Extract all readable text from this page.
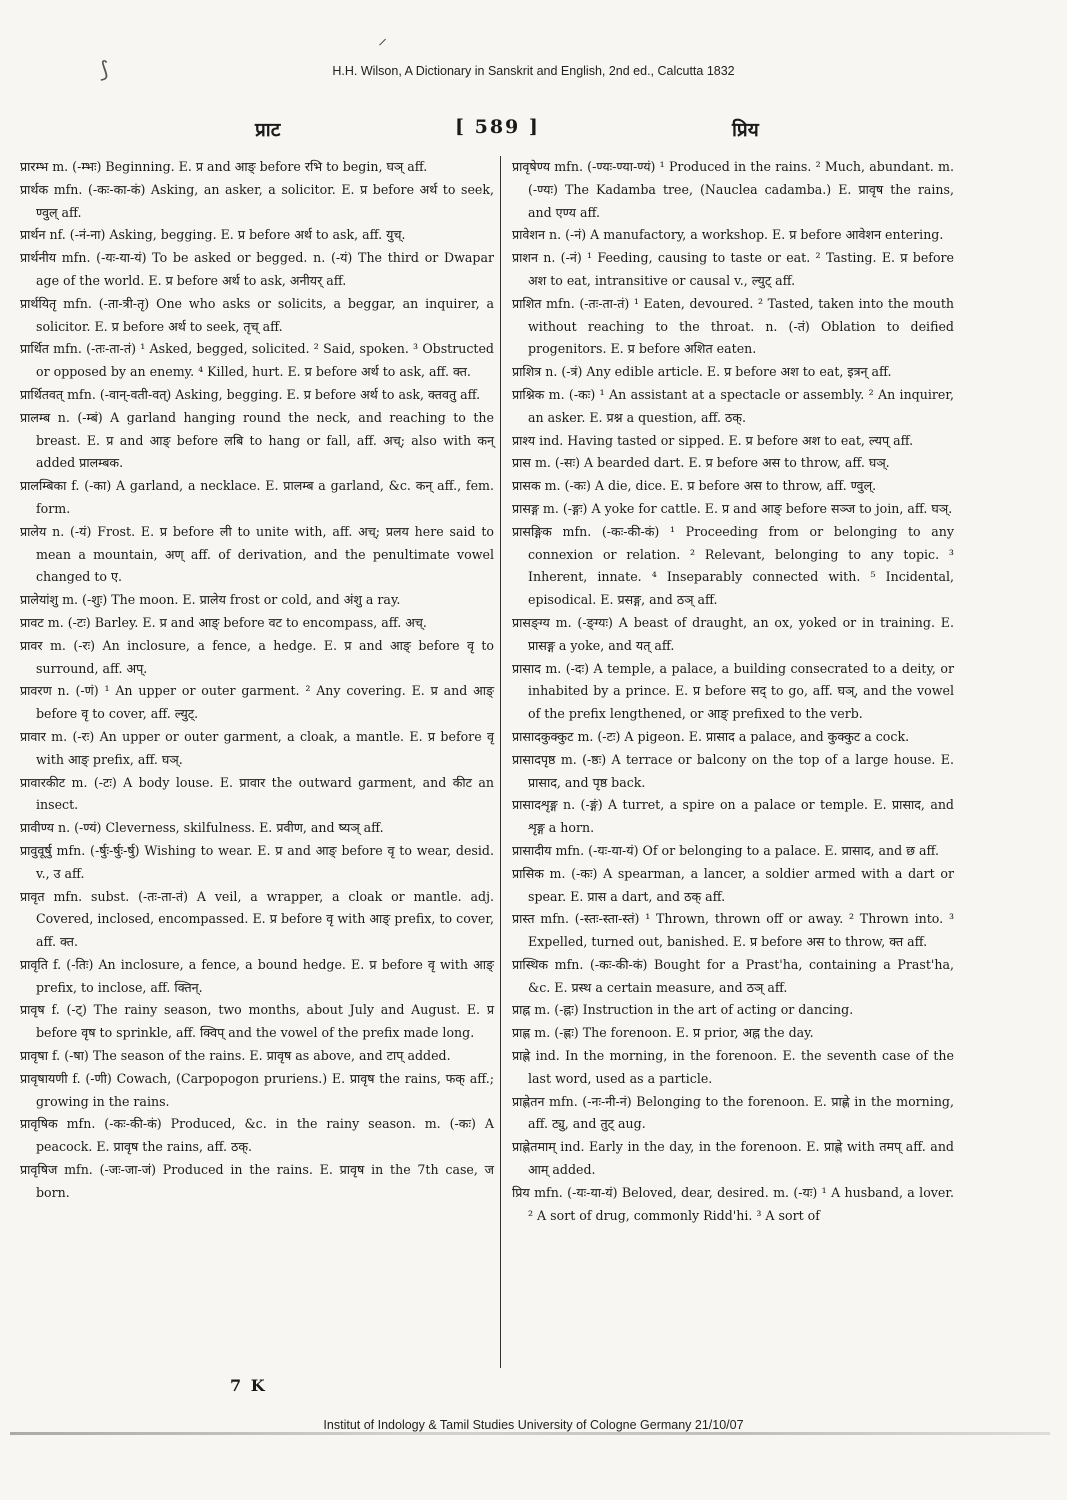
⟆
⸝
H.H. Wilson, A Dictionary in Sanskrit and English, 2nd ed., Calcutta 1832
प्राट	[ 589 ]	प्रिय

प्रारम्भ m. (-म्भः) Beginning. E. प्र and आङ् before रभि to begin, घञ् aff.

प्रार्थक mfn. (-कः-का-कं) Asking, an asker, a solicitor. E. प्र before अर्थ to seek, ण्वुल् aff.

प्रार्थन nf. (-नं-ना) Asking, begging. E. प्र before अर्थ to ask, aff. युच्.

प्रार्थनीय mfn. (-यः-या-यं) To be asked or begged. n. (-यं) The third or Dwapar age of the world. E. प्र before अर्थ to ask, अनीयर् aff.

प्रार्थयितृ mfn. (-ता-त्री-तृ) One who asks or solicits, a beggar, an inquirer, a solicitor. E. प्र before अर्थ to seek, तृच् aff.

प्रार्थित mfn. (-तः-ता-तं) ¹ Asked, begged, solicited. ² Said, spoken. ³ Obstructed or opposed by an enemy. ⁴ Killed, hurt. E. प्र before अर्थ to ask, aff. क्त.

प्रार्थितवत् mfn. (-वान्-वती-वत्) Asking, begging. E. प्र before अर्थ to ask, क्तवतु aff.

प्रालम्ब n. (-म्बं) A garland hanging round the neck, and reaching to the breast. E. प्र and आङ् before लबि to hang or fall, aff. अच्; also with कन् added प्रालम्बक.

प्रालम्बिका f. (-का) A garland, a necklace. E. प्रालम्ब a garland, &c. कन् aff., fem. form.

प्रालेय n. (-यं) Frost. E. प्र before ली to unite with, aff. अच्; प्रलय here said to mean a mountain, अण् aff. of derivation, and the penultimate vowel changed to ए.

प्रालेयांशु m. (-शुः) The moon. E. प्रालेय frost or cold, and अंशु a ray.

प्रावट m. (-टः) Barley. E. प्र and आङ् before वट to encompass, aff. अच्.

प्रावर m. (-रः) An inclosure, a fence, a hedge. E. प्र and आङ् before वृ to surround, aff. अप्.

प्रावरण n. (-णं) ¹ An upper or outer garment. ² Any covering. E. प्र and आङ् before वृ to cover, aff. ल्युट्.

प्रावार m. (-रः) An upper or outer garment, a cloak, a mantle. E. प्र before वृ with आङ् prefix, aff. घञ्.

प्रावारकीट m. (-टः) A body louse. E. प्रावार the outward garment, and कीट an insect.

प्रावीण्य n. (-ण्यं) Cleverness, skilfulness. E. प्रवीण, and ष्यञ् aff.

प्रावुवूर्षु mfn. (-र्षुः-र्षुः-र्षु) Wishing to wear. E. प्र and आङ् before वृ to wear, desid. v., उ aff.

प्रावृत mfn. subst. (-तः-ता-तं) A veil, a wrapper, a cloak or mantle. adj. Covered, inclosed, encompassed. E. प्र before वृ with आङ् prefix, to cover, aff. क्त.

प्रावृति f. (-तिः) An inclosure, a fence, a bound hedge. E. प्र before वृ with आङ् prefix, to inclose, aff. क्तिन्.

प्रावृष f. (-ट्) The rainy season, two months, about July and August. E. प्र before वृष to sprinkle, aff. क्विप् and the vowel of the prefix made long.

प्रावृषा f. (-षा) The season of the rains. E. प्रावृष as above, and टाप् added.

प्रावृषायणी f. (-णी) Cowach, (Carpopogon pruriens.) E. प्रावृष the rains, फक् aff.; growing in the rains.

प्रावृषिक mfn. (-कः-की-कं) Produced, &c. in the rainy season. m. (-कः) A peacock. E. प्रावृष the rains, aff. ठक्.

प्रावृषिज mfn. (-जः-जा-जं) Produced in the rains. E. प्रावृष in the 7th case, ज born.

प्रावृषेण्य mfn. (-ण्यः-ण्या-ण्यं) ¹ Produced in the rains. ² Much, abundant. m. (-ण्यः) The Kadamba tree, (Nauclea cadamba.) E. प्रावृष the rains, and एण्य aff.

प्रावेशन n. (-नं) A manufactory, a workshop. E. प्र before आवेशन entering.

प्राशन n. (-नं) ¹ Feeding, causing to taste or eat. ² Tasting. E. प्र before अश to eat, intransitive or causal v., ल्युट् aff.

प्राशित mfn. (-तः-ता-तं) ¹ Eaten, devoured. ² Tasted, taken into the mouth without reaching to the throat. n. (-तं) Oblation to deified progenitors. E. प्र before अशित eaten.

प्राशित्र n. (-त्रं) Any edible article. E. प्र before अश to eat, इत्रन् aff.

प्राश्निक m. (-कः) ¹ An assistant at a spectacle or assembly. ² An inquirer, an asker. E. प्रश्न a question, aff. ठक्.

प्राश्य ind. Having tasted or sipped. E. प्र before अश to eat, ल्यप् aff.

प्रास m. (-सः) A bearded dart. E. प्र before अस to throw, aff. घञ्.

प्रासक m. (-कः) A die, dice. E. प्र before अस to throw, aff. ण्वुल्.

प्रासङ्ग m. (-ङ्गः) A yoke for cattle. E. प्र and आङ् before सञ्ज to join, aff. घञ्.

प्रासङ्गिक mfn. (-कः-की-कं) ¹ Proceeding from or belonging to any connexion or relation. ² Relevant, belonging to any topic. ³ Inherent, innate. ⁴ Inseparably connected with. ⁵ Incidental, episodical. E. प्रसङ्ग, and ठञ् aff.

प्रासङ्ग्य m. (-ङ्ग्यः) A beast of draught, an ox, yoked or in training. E. प्रासङ्ग a yoke, and यत् aff.

प्रासाद m. (-दः) A temple, a palace, a building consecrated to a deity, or inhabited by a prince. E. प्र before सद् to go, aff. घञ्, and the vowel of the prefix lengthened, or आङ् prefixed to the verb.

प्रासादकुक्कुट m. (-टः) A pigeon. E. प्रासाद a palace, and कुक्कुट a cock.

प्रासादपृष्ठ m. (-ष्ठः) A terrace or balcony on the top of a large house. E. प्रासाद, and पृष्ठ back.

प्रासादशृङ्ग n. (-ङ्गं) A turret, a spire on a palace or temple. E. प्रासाद, and शृङ्ग a horn.

प्रासादीय mfn. (-यः-या-यं) Of or belonging to a palace. E. प्रासाद, and छ aff.

प्रासिक m. (-कः) A spearman, a lancer, a soldier armed with a dart or spear. E. प्रास a dart, and ठक् aff.

प्रास्त mfn. (-स्तः-स्ता-स्तं) ¹ Thrown, thrown off or away. ² Thrown into. ³ Expelled, turned out, banished. E. प्र before अस to throw, क्त aff.

प्रास्थिक mfn. (-कः-की-कं) Bought for a Prast'ha, containing a Prast'ha, &c. E. प्रस्थ a certain measure, and ठञ् aff.

प्राह्न m. (-ह्नः) Instruction in the art of acting or dancing.

प्राह्ण m. (-ह्णः) The forenoon. E. प्र prior, अह्न the day.

प्राह्णे ind. In the morning, in the forenoon. E. the seventh case of the last word, used as a particle.

प्राह्णेतन mfn. (-नः-नी-नं) Belonging to the forenoon. E. प्राह्णे in the morning, aff. ट्यु, and तुट् aug.

प्राह्णेतमाम् ind. Early in the day, in the forenoon. E. प्राह्णे with तमप् aff. and आम् added.

प्रिय mfn. (-यः-या-यं) Beloved, dear, desired. m. (-यः) ¹ A husband, a lover. ² A sort of drug, commonly Ridd'hi. ³ A sort of

7 K
Institut of Indology & Tamil Studies University of Cologne Germany 21/10/07
